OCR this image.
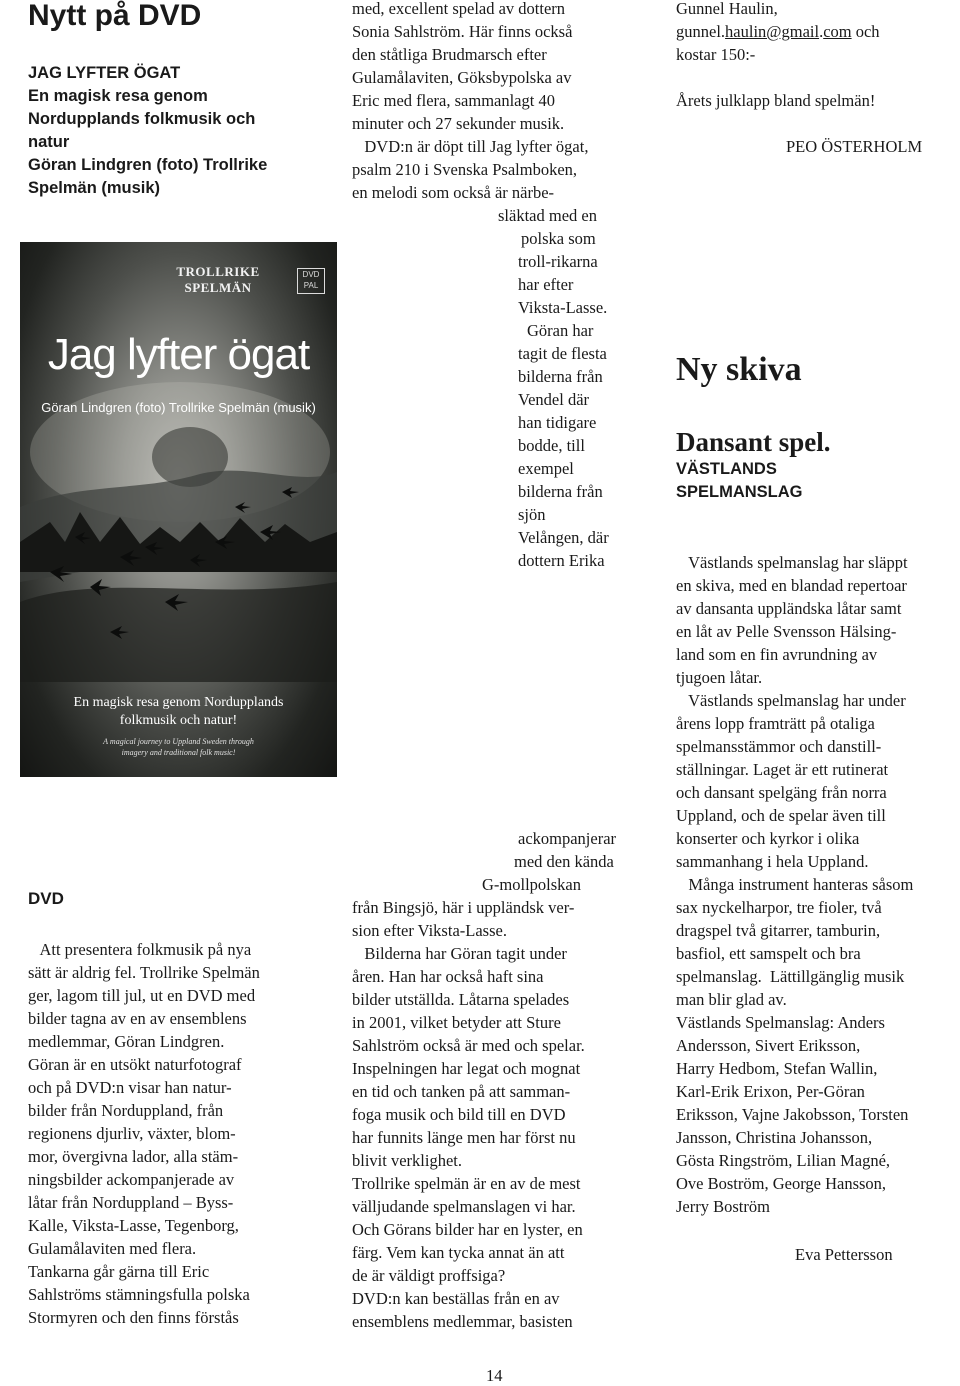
Nytt på DVD
JAG LYFTER ÖGAT
En magisk resa genom
Nordupplands folkmusik och
natur
Göran Lindgren (foto) Trollrike
Spelmän (musik)
TROLLRIKE SPELMÄN
DVD PAL
Jag lyfter ögat
Göran Lindgren (foto) Trollrike Spelmän (musik)
En magisk resa genom Nordupplands
folkmusik och natur!
A magical journey to Uppland Sweden through
imagery and traditional folk music!
DVD
Att presentera folkmusik på nya
sätt är aldrig fel. Trollrike Spelmän
ger, lagom till jul, ut en DVD med
bilder tagna av en av ensemblens
medlemmar, Göran Lindgren.
Göran är en utsökt naturfotograf
och på DVD:n visar han natur-
bilder från Norduppland, från
regionens djurliv, växter, blom-
mor, övergivna lador, alla stäm-
ningsbilder ackompanjerade av
låtar från Norduppland – Byss-
Kalle, Viksta-Lasse, Tegenborg,
Gulamålaviten med flera.
Tankarna går gärna till Eric
Sahlströms stämningsfulla polska
Stormyren och den finns förstås
med, excellent spelad av dottern
Sonia Sahlström. Här finns också
den ståtliga Brudmarsch efter
Gulamålaviten, Göksbypolska av
Eric med flera, sammanlagt 40
minuter och 27 sekunder musik.
DVD:n är döpt till Jag lyfter ögat,
psalm 210 i Svenska Psalmboken,
en melodi som också är närbe-
släktad med en
polska som
troll-rikarna
har efter
Viksta-Lasse.
Göran har
tagit de flesta
bilderna från
Vendel där
han tidigare
bodde, till
exempel
bilderna från
sjön
Velången, där
dottern Erika
ackompanjerar
med den kända
G-mollpolskan
från Bingsjö, här i uppländsk ver-
sion efter Viksta-Lasse.
Bilderna har Göran tagit under
åren. Han har också haft sina
bilder utställda. Låtarna spelades
in 2001, vilket betyder att Sture
Sahlström också är med och spelar.
Inspelningen har legat och mognat
en tid och tanken på att samman-
foga musik och bild till en DVD
har funnits länge men har först nu
blivit verklighet.
Trollrike spelmän är en av de mest
välljudande spelmanslagen vi har.
Och Görans bilder har en lyster, en
färg. Vem kan tycka annat än att
de är väldigt proffsiga?
DVD:n kan beställas från en av
ensemblens medlemmar, basisten
Gunnel Haulin,
gunnel.haulin@gmail.com och
kostar 150:-
Årets julklapp bland spelmän!
PEO ÖSTERHOLM
Ny skiva
Dansant spel.
VÄSTLANDS
SPELMANSLAG
Västlands spelmanslag har släppt
en skiva, med en blandad repertoar
av dansanta uppländska låtar samt
en låt av Pelle Svensson Hälsing-
land som en fin avrundning av
tjugoen låtar.
Västlands spelmanslag har under
årens lopp framträtt på otaliga
spelmansstämmor och danstill-
ställningar. Laget är ett rutinerat
och dansant spelgäng från norra
Uppland, och de spelar även till
konserter och kyrkor i olika
sammanhang i hela Uppland.
Många instrument hanteras såsom
sax nyckelharpor, tre fioler, två
dragspel två gitarrer, tamburin,
basfiol, ett samspelt och bra
spelmanslag.  Lättillgänglig musik
man blir glad av.
Västlands Spelmanslag: Anders
Andersson, Sivert Eriksson,
Harry Hedbom, Stefan Wallin,
Karl-Erik Erixon, Per-Göran
Eriksson, Vajne Jakobsson, Torsten
Jansson, Christina Johansson,
Gösta Ringström, Lilian Magné,
Ove Boström, George Hansson,
Jerry Boström
Eva Pettersson
14
